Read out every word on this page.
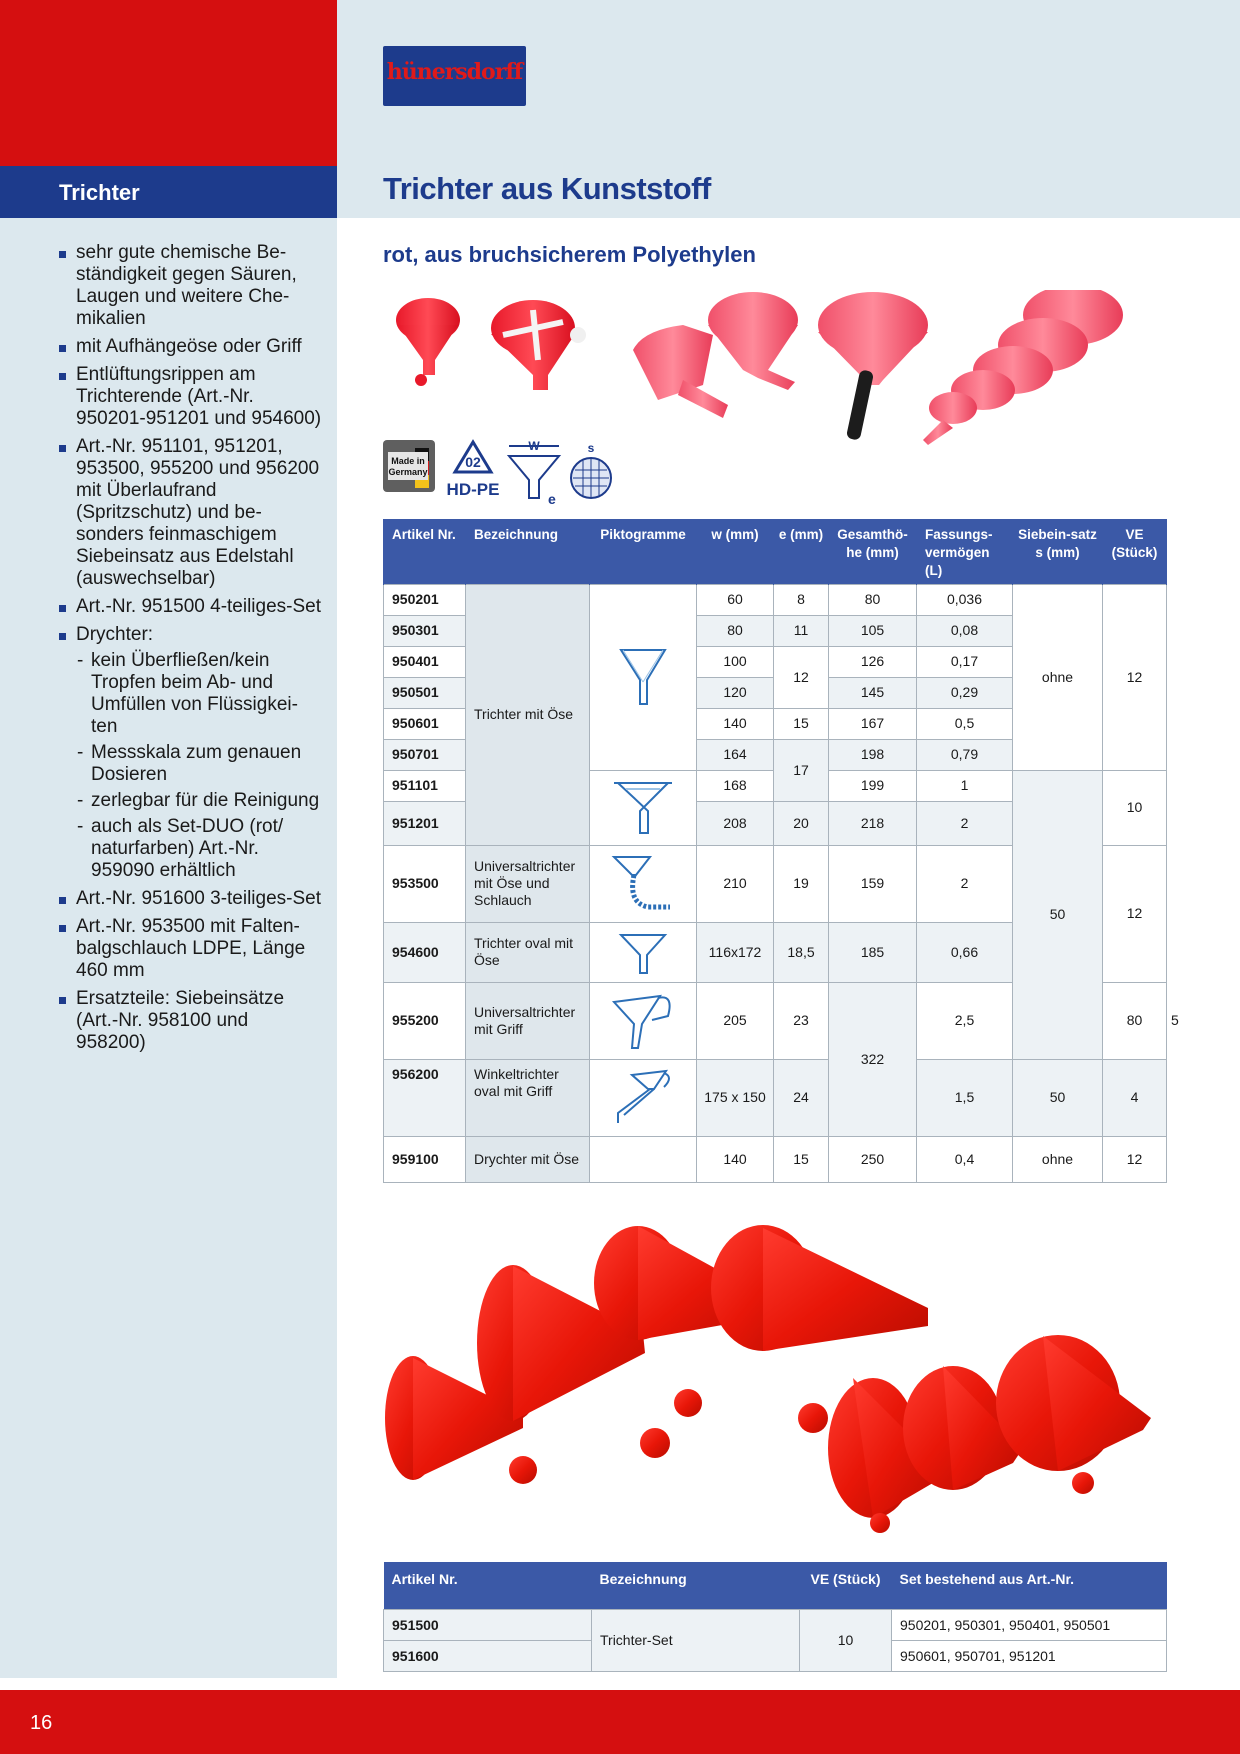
Trichter
hünersdorff
Trichter aus Kunststoff
rot, aus bruchsicherem Polyethylen
sehr gute chemische Be-ständigkeit gegen Säuren, Laugen und weitere Che-mikalien
mit Aufhängeöse oder Griff
Entlüftungsrippen am Trichterende (Art.-Nr. 950201-951201 und 954600)
Art.-Nr. 951101, 951201, 953500, 955200 und 956200 mit Überlaufrand (Spritzschutz) und be-sonders feinmaschigem Siebeinsatz aus Edelstahl (auswechselbar)
Art.-Nr. 951500 4-teiliges-Set
Drychter:
- kein Überfließen/kein Tropfen beim Ab- und Umfüllen von Flüssigkei-ten
- Messskala zum genauen Dosieren
- zerlegbar für die Reinigung
- auch als Set-DUO (rot/ naturfarben) Art.-Nr. 959090 erhältlich
Art.-Nr. 951600 3-teiliges-Set
Art.-Nr. 953500 mit Falten-balgschlauch LDPE, Länge 460 mm
Ersatzteile: Siebeinsätze (Art.-Nr. 958100 und 958200)
Made in
Germany
02
HD-PE
W
e
s
Artikel Nr.	Bezeichnung	Piktogramme	w (mm)	e (mm)	Gesamthö-he (mm)	Fassungs-vermögen (L)	Siebein-satz s (mm)	VE (Stück)	
950201	Trichter mit Öse		60	8	80	0,036	ohne	12	
950301			80	11	105	0,08			
950401			100	12	126	0,17			
950501			120		145	0,29			
950601			140	15	167	0,5			
950701			164	17	198	0,79			
951101			168		199	1	50	10	
951201			208	20	218	2			
953500	Universaltrichter mit Öse und Schlauch		210	19	159	2		12	
954600	Trichter oval mit Öse		116x172	18,5	185	0,66			
955200	Universaltrichter mit Griff		205	23	322	2,5		80	5
956200	Winkeltrichter oval mit Griff		175 x 150	24		1,5	50	4	
959100	Drychter mit Öse		140	15	250	0,4	ohne	12	
Artikel Nr.	Bezeichnung	VE (Stück)	Set bestehend aus Art.-Nr.
951500	Trichter-Set	10	950201, 950301, 950401, 950501
951600			950601, 950701, 951201
16
